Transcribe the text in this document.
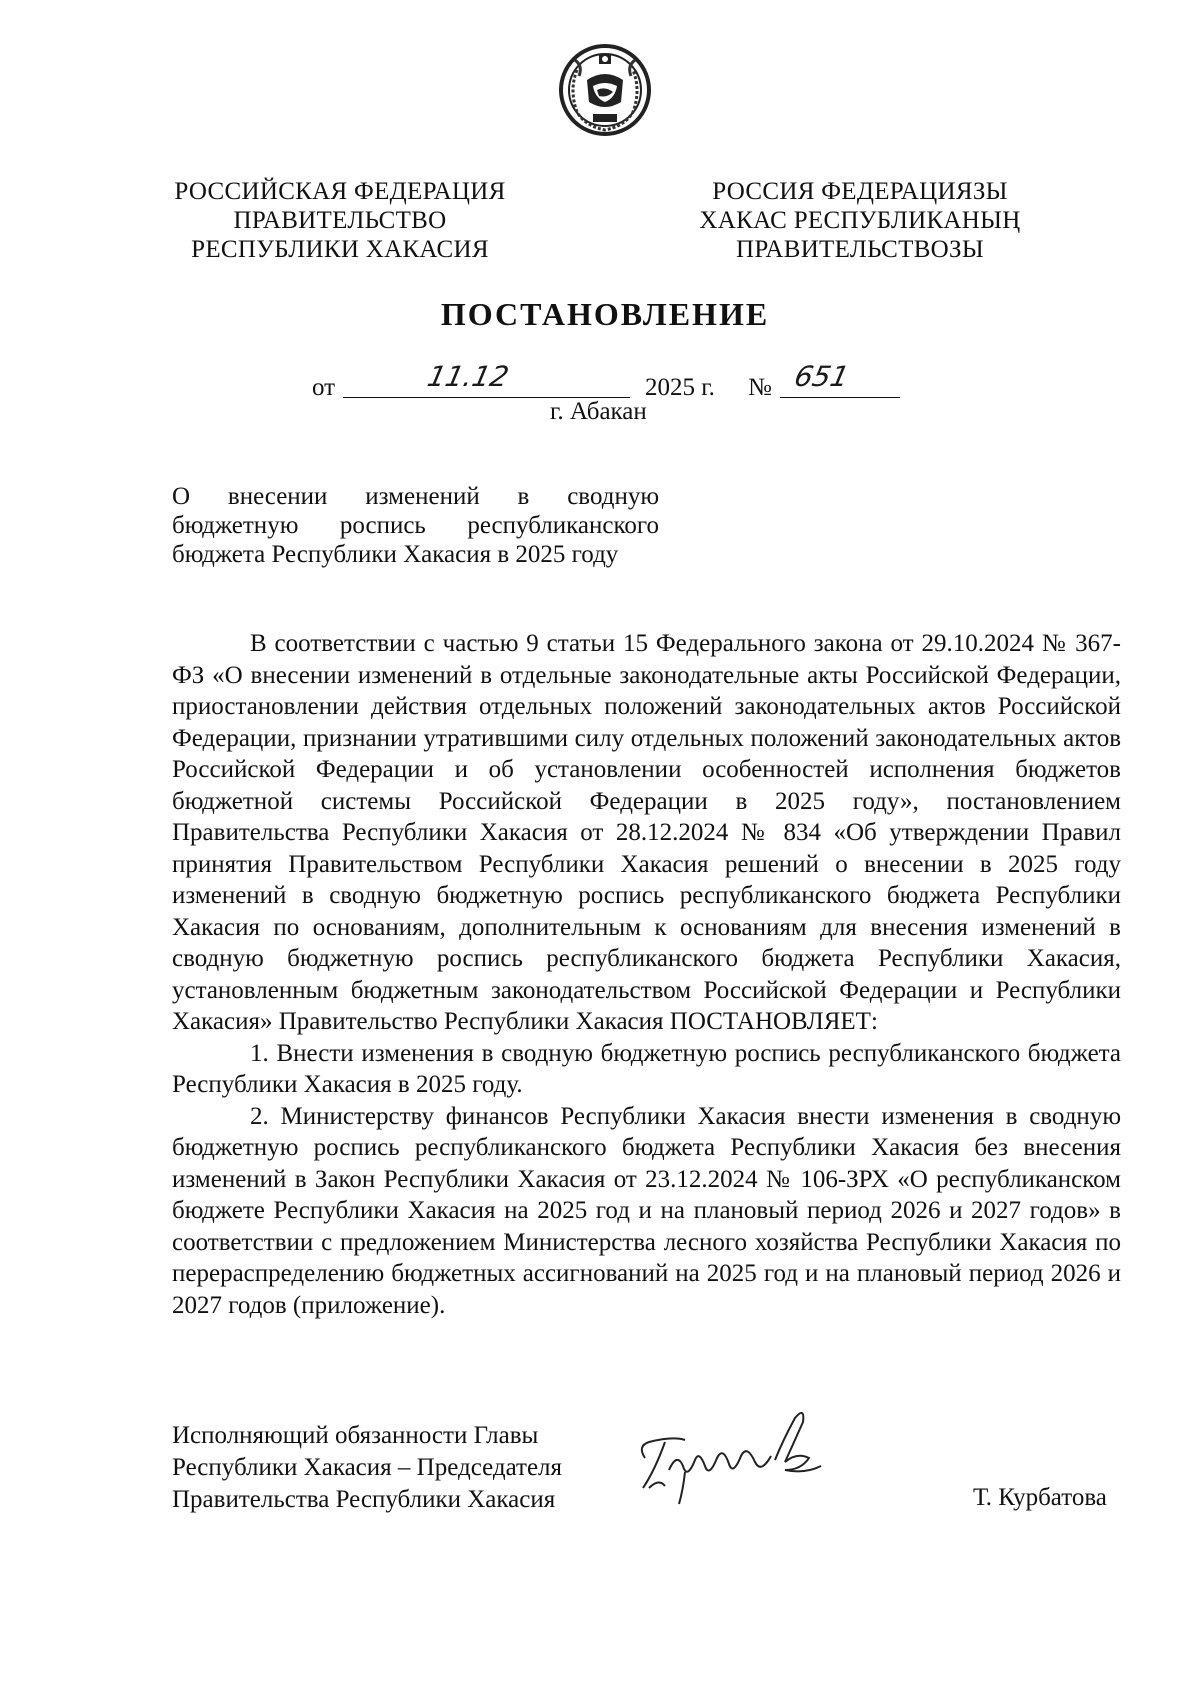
РОССИЙСКАЯ ФЕДЕРАЦИЯ
ПРАВИТЕЛЬСТВО
РЕСПУБЛИКИ ХАКАСИЯ
РОССИЯ ФЕДЕРАЦИЯЗЫ
ХАКАС РЕСПУБЛИКАНЫҢ
ПРАВИТЕЛЬСТВОЗЫ
ПОСТАНОВЛЕНИЕ
от	11.12	2025 г. № 651
г. Абакан
О внесении изменений в сводную
бюджетную роспись республиканского
бюджета Республики Хакасия в 2025 году

В соответствии с частью 9 статьи 15 Федерального закона от 29.10.2024 № 367-ФЗ «О внесении изменений в отдельные законодательные акты Российской Федерации, приостановлении действия отдельных положений законодательных актов Российской Федерации, признании утратившими силу отдельных положений законодательных актов Российской Федерации и об установлении особенностей исполнения бюджетов бюджетной системы Российской Федерации в 2025 году», постановлением Правительства Республики Хакасия от 28.12.2024 № 834 «Об утверждении Правил принятия Правительством Республики Хакасия решений о внесении в 2025 году изменений в сводную бюджетную роспись республиканского бюджета Республики Хакасия по основаниям, дополнительным к основаниям для внесения изменений в сводную бюджетную роспись республиканского бюджета Республики Хакасия, установленным бюджетным законодательством Российской Федерации и Республики Хакасия» Правительство Республики Хакасия ПОСТАНОВЛЯЕТ:

1. Внести изменения в сводную бюджетную роспись республиканского бюджета Республики Хакасия в 2025 году.

2. Министерству финансов Республики Хакасия внести изменения в сводную бюджетную роспись республиканского бюджета Республики Хакасия без внесения изменений в Закон Республики Хакасия от 23.12.2024 № 106-ЗРХ «О республиканском бюджете Республики Хакасия на 2025 год и на плановый период 2026 и 2027 годов» в соответствии с предложением Министерства лесного хозяйства Республики Хакасия по перераспределению бюджетных ассигнований на 2025 год и на плановый период 2026 и 2027 годов (приложение).

Исполняющий обязанности Главы
Республики Хакасия – Председателя
Правительства Республики Хакасия	Т. Курбатова
